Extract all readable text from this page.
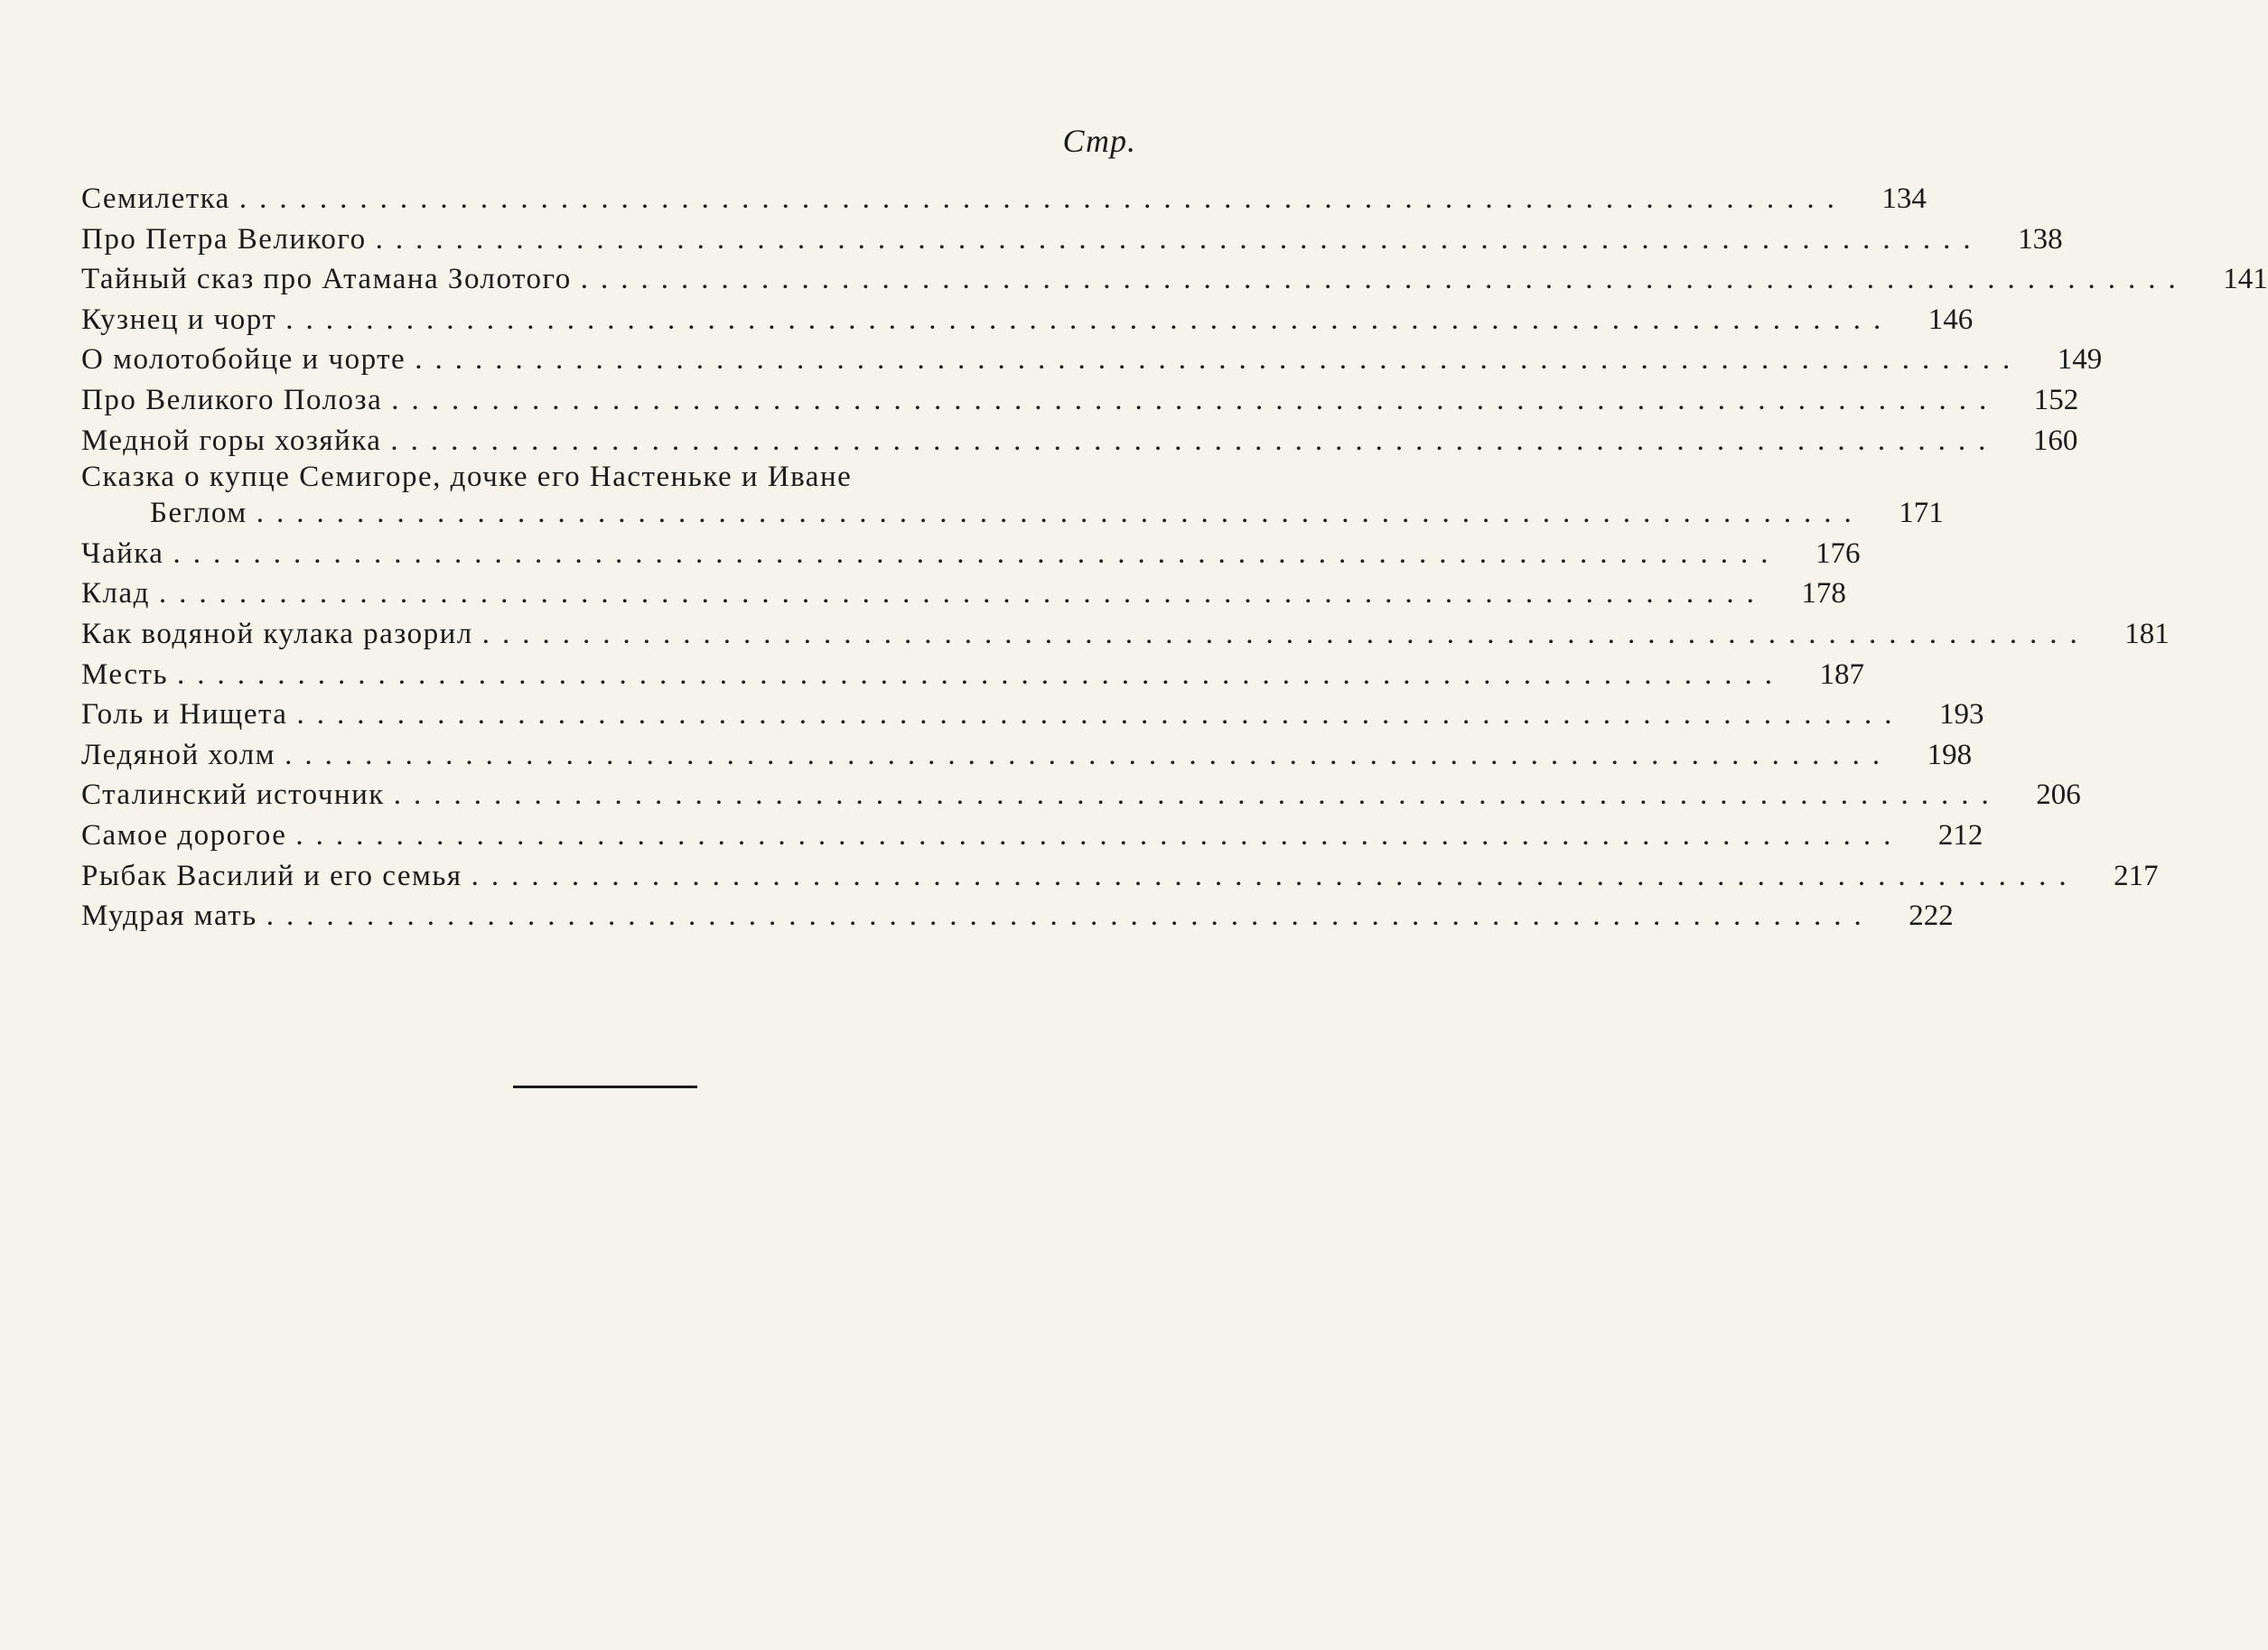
Стр.
Семилетка ................................................................................	134
Про Петра Великого ................................................................................	138
Тайный сказ про Атамана Золотого ................................................................................	141
Кузнец и чорт ................................................................................	146
О молотобойце и чорте ................................................................................	149
Про Великого Полоза ................................................................................	152
Медной горы хозяйка ................................................................................	160
Сказка о купце Семигоре, дочке его Настеньке и Иване
Беглом ................................................................................	171
Чайка ................................................................................	176
Клад ................................................................................	178
Как водяной кулака разорил ................................................................................	181
Месть ................................................................................	187
Голь и Нищета ................................................................................	193
Ледяной холм ................................................................................	198
Сталинский источник ................................................................................	206
Самое дорогое ................................................................................	212
Рыбак Василий и его семья ................................................................................	217
Мудрая мать ................................................................................	222
